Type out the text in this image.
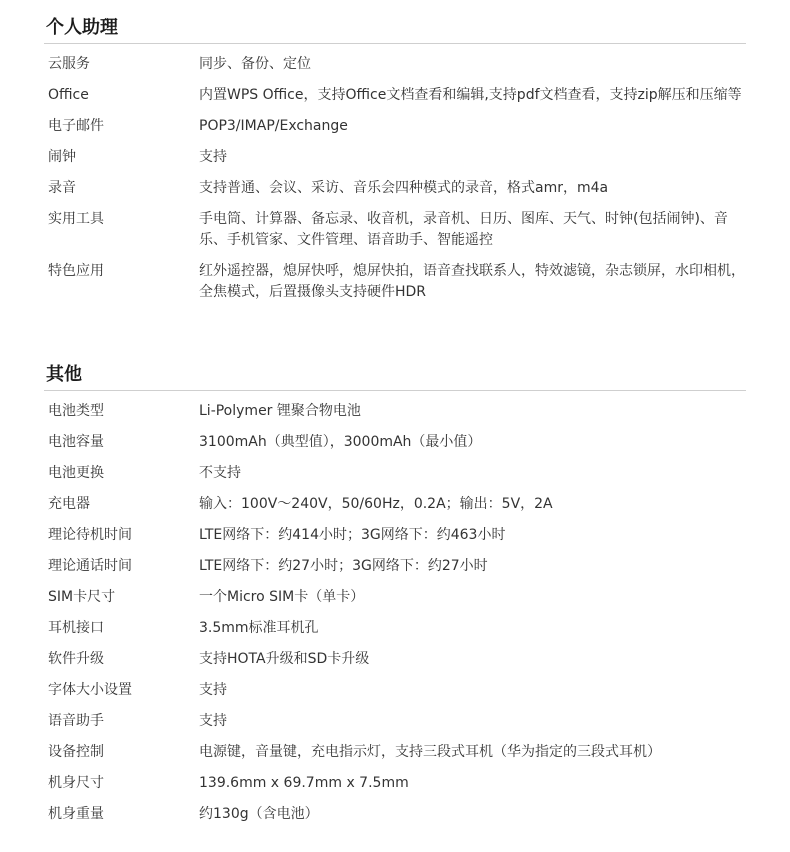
个人助理
云服务	同步、备份、定位
Office	内置WPS Office，支持Office文档查看和编辑,支持pdf文档查看，支持zip解压和压缩等
电子邮件	POP3/IMAP/Exchange
闹钟	支持
录音	支持普通、会议、采访、音乐会四种模式的录音，格式amr，m4a
实用工具	手电筒、计算器、备忘录、收音机，录音机、日历、图库、天气、时钟(包括闹钟)、音乐、手机管家、文件管理、语音助手、智能遥控
特色应用	红外遥控器，熄屏快呼，熄屏快拍，语音查找联系人，特效滤镜，杂志锁屏，水印相机，全焦模式，后置摄像头支持硬件HDR
其他
电池类型	Li-Polymer 锂聚合物电池
电池容量	3100mAh（典型值），3000mAh（最小值）
电池更换	不支持
充电器	输入：100V～240V，50/60Hz，0.2A；输出：5V，2A
理论待机时间	LTE网络下：约414小时；3G网络下：约463小时
理论通话时间	LTE网络下：约27小时；3G网络下：约27小时
SIM卡尺寸	一个Micro SIM卡（单卡）
耳机接口	3.5mm标准耳机孔
软件升级	支持HOTA升级和SD卡升级
字体大小设置	支持
语音助手	支持
设备控制	电源键，音量键，充电指示灯，支持三段式耳机（华为指定的三段式耳机）
机身尺寸	139.6mm x 69.7mm x 7.5mm
机身重量	约130g（含电池）
